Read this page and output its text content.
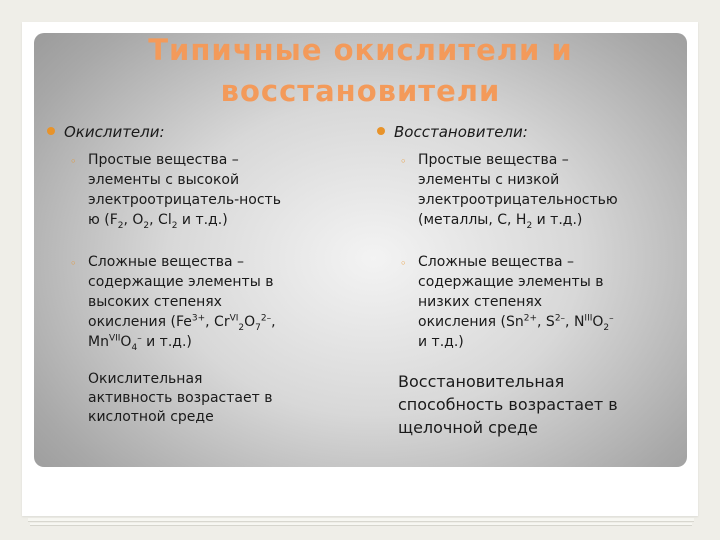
Типичные окислители и
восстановители
Окислители:
◦ Простые вещества –
элементы с высокой
электроотрицатель-ность
ю ($F_2$, $O_2$, $Cl_2$ и т.д.)
◦ Сложные вещества –
содержащие элементы в
высоких степенях
окисления ($Fe^{3+}$, $Cr^{VI}_2O_7^{2-}$,
$Mn^{VII}O_4^-$ и т.д.)
Окислительная
активность возрастает в
кислотной среде
Восстановители:
◦ Простые вещества –
элементы с низкой
электроотрицательностью
(металлы, С, $Н_2$ и т.д.)
◦ Сложные вещества –
содержащие элементы в
низких степенях
окисления ($Sn^{2+}$, $S^{2-}$, $N^{III}O_2^-$
и т.д.)
Восстановительная
способность возрастает в
щелочной среде
